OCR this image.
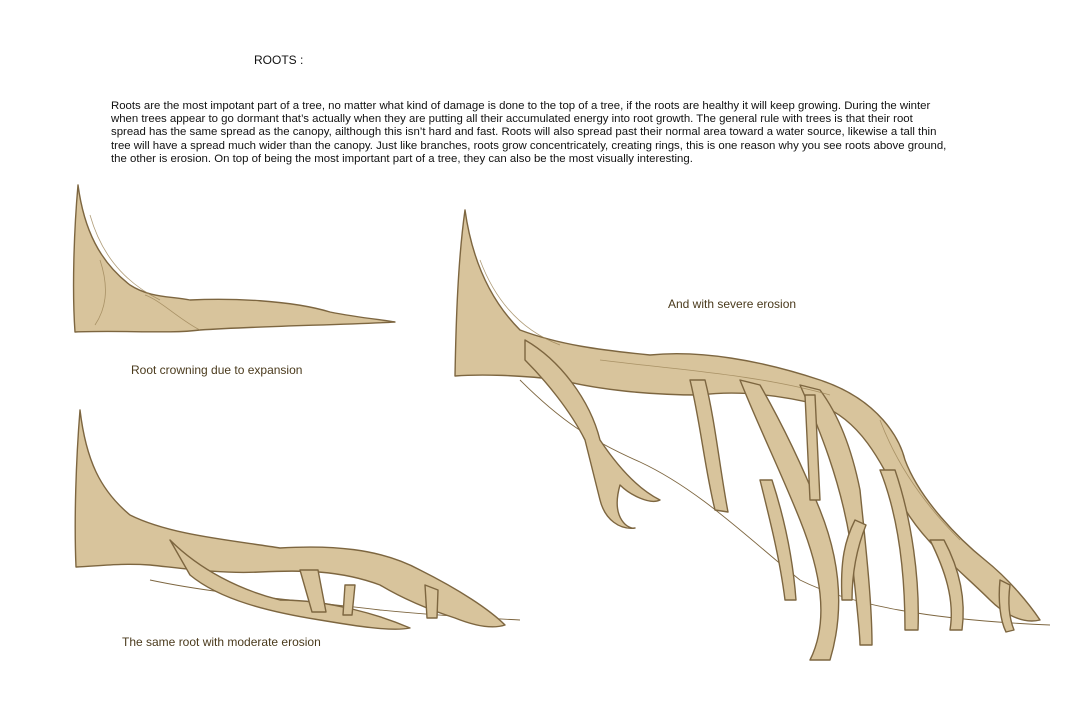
ROOTS :
Roots are the most impotant part of a tree, no matter what kind of damage is done to the top of a tree, if the roots are healthy it will keep growing. During the winter
when trees appear to go dormant that’s actually when they are putting all their accumulated energy into root growth. The general rule with trees is that their root
spread has the same spread as the canopy, ailthough this isn’t hard and fast. Roots will also spread past their normal area toward a water source, likewise a tall thin
tree will have a spread much wider than the canopy. Just like branches, roots grow concentricately, creating rings, this is one reason why you see roots above ground,
the other is erosion. On top of being the most important part of a tree, they can also be the most visually interesting.
Root crowning due to expansion
The same root with moderate erosion
And with severe erosion
